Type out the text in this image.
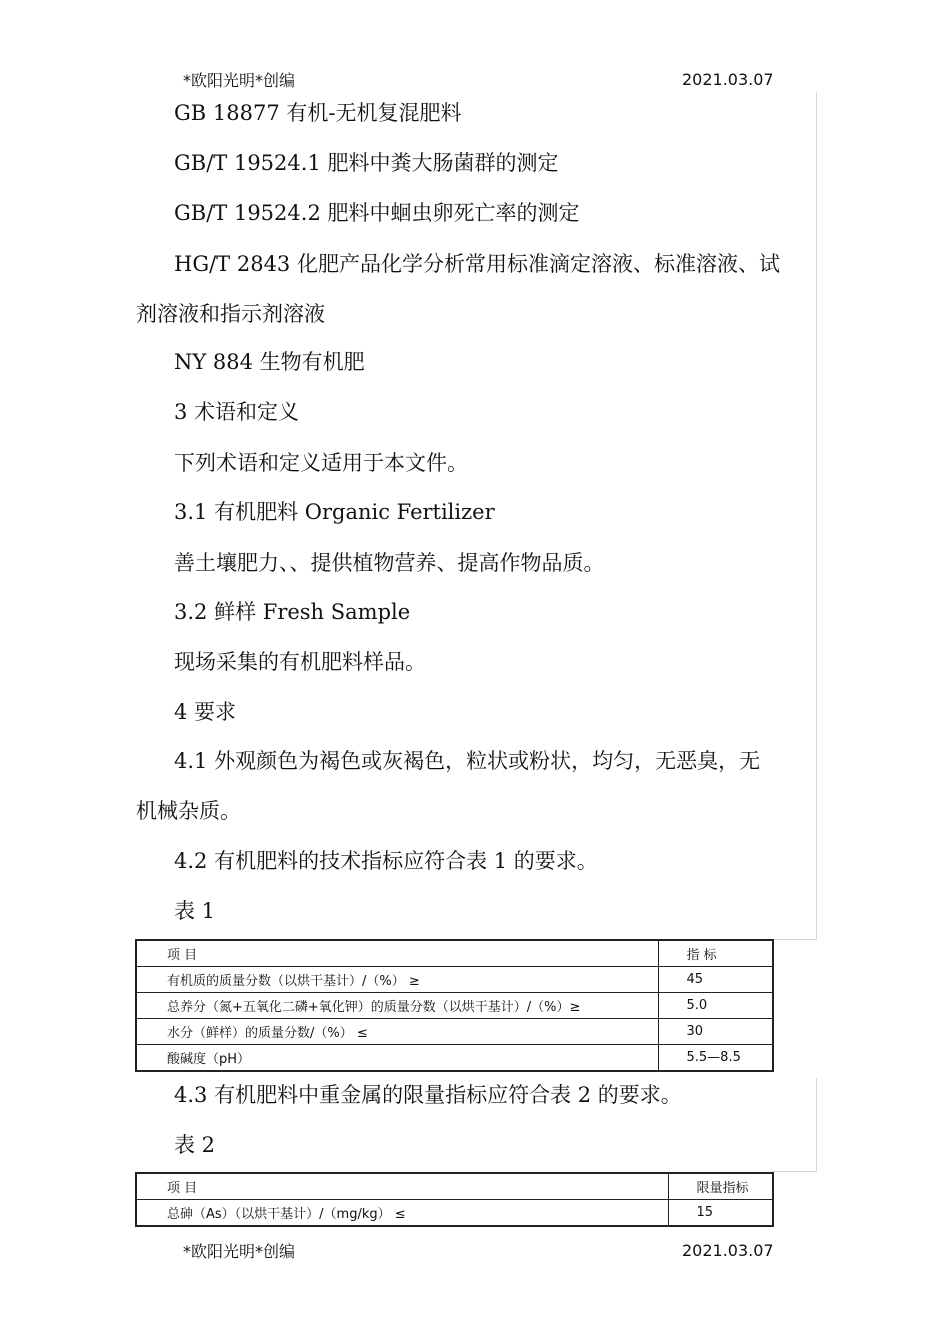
*欧阳光明*创编	2021.03.07
GB 18877 有机-无机复混肥料
GB/T 19524.1 肥料中粪大肠菌群的测定
GB/T 19524.2 肥料中蛔虫卵死亡率的测定
HG/T 2843 化肥产品化学分析常用标准滴定溶液、标准溶液、试
剂溶液和指示剂溶液
NY 884 生物有机肥
3 术语和定义
下列术语和定义适用于本文件。
3.1 有机肥料 Organic Fertilizer
善土壤肥力、、提供植物营养、提高作物品质。
3.2 鲜样 Fresh Sample
现场采集的有机肥料样品。
4 要求
4.1 外观颜色为褐色或灰褐色，粒状或粉状，均匀，无恶臭，无
机械杂质。
4.2 有机肥料的技术指标应符合表 1 的要求。
表 1
项 目	指 标
有机质的质量分数（以烘干基计）/（%） ≥	45
总养分（氮+五氧化二磷+氧化钾）的质量分数（以烘干基计）/（%）≥	5.0
水分（鲜样）的质量分数/（%） ≤	30
酸碱度（pH）	5.5—8.5
4.3 有机肥料中重金属的限量指标应符合表 2 的要求。
表 2
项 目	限量指标
总砷（As）（以烘干基计）/（mg/kg） ≤	15
*欧阳光明*创编	2021.03.07
